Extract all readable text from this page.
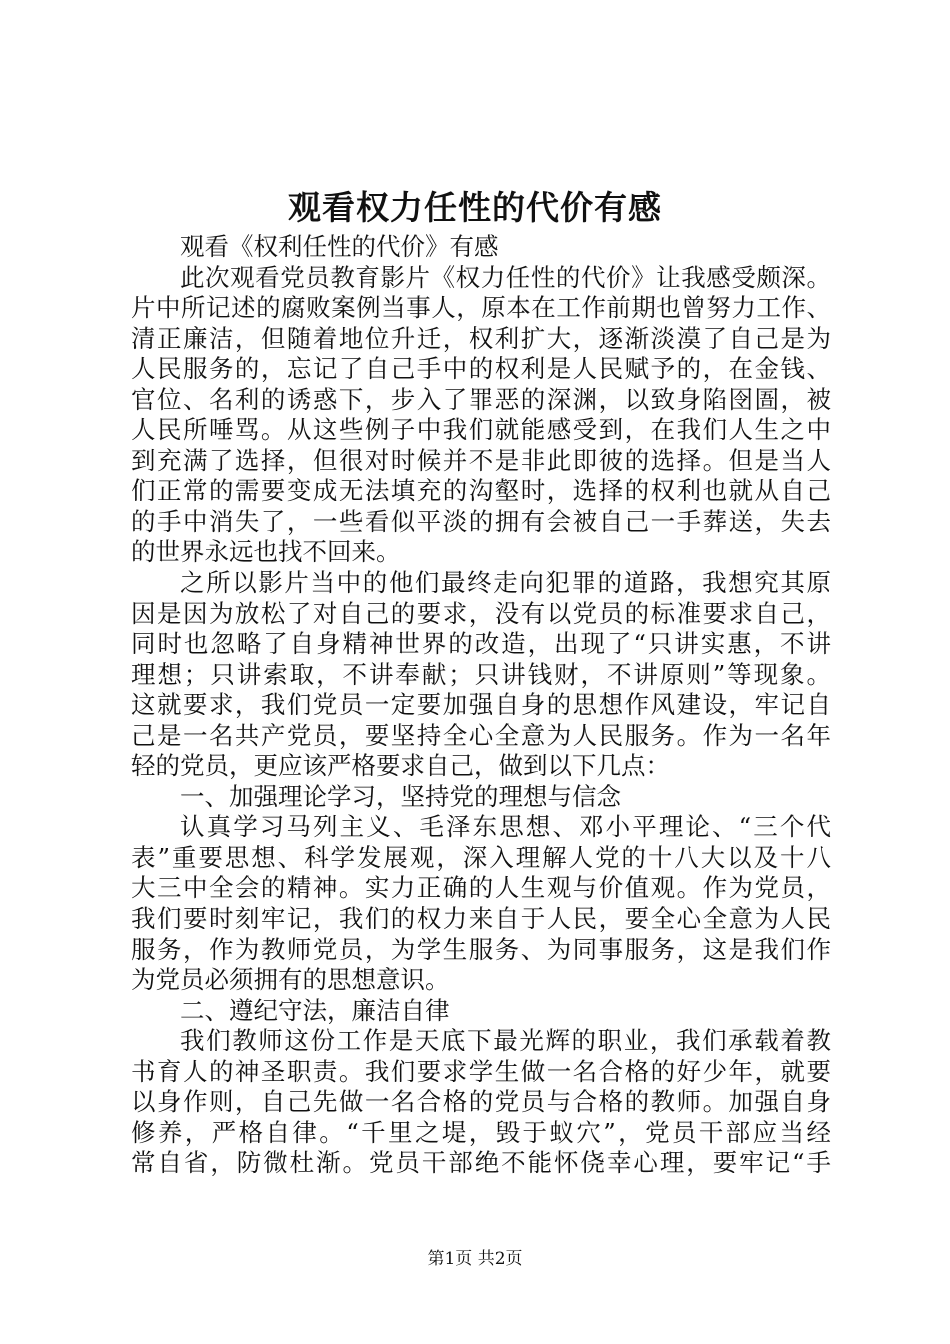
观看权力任性的代价有感
观看《权利任性的代价》有感
此次观看党员教育影片《权力任性的代价》让我感受颇深。
片中所记述的腐败案例当事人，原本在工作前期也曾努力工作、
清正廉洁，但随着地位升迁，权利扩大，逐渐淡漠了自己是为
人民服务的，忘记了自己手中的权利是人民赋予的，在金钱、
官位、名利的诱惑下，步入了罪恶的深渊，以致身陷囹圄，被
人民所唾骂。从这些例子中我们就能感受到，在我们人生之中
到充满了选择，但很对时候并不是非此即彼的选择。但是当人
们正常的需要变成无法填充的沟壑时，选择的权利也就从自己
的手中消失了，一些看似平淡的拥有会被自己一手葬送，失去
的世界永远也找不回来。
之所以影片当中的他们最终走向犯罪的道路，我想究其原
因是因为放松了对自己的要求，没有以党员的标准要求自己，
同时也忽略了自身精神世界的改造，出现了“只讲实惠，不讲
理想；只讲索取，不讲奉献；只讲钱财，不讲原则”等现象。
这就要求，我们党员一定要加强自身的思想作风建设，牢记自
己是一名共产党员，要坚持全心全意为人民服务。作为一名年
轻的党员，更应该严格要求自己，做到以下几点：
一、加强理论学习，坚持党的理想与信念
认真学习马列主义、毛泽东思想、邓小平理论、“三个代
表”重要思想、科学发展观，深入理解人党的十八大以及十八
大三中全会的精神。实力正确的人生观与价值观。作为党员，
我们要时刻牢记，我们的权力来自于人民，要全心全意为人民
服务，作为教师党员，为学生服务、为同事服务，这是我们作
为党员必须拥有的思想意识。
二、遵纪守法，廉洁自律
我们教师这份工作是天底下最光辉的职业，我们承载着教
书育人的神圣职责。我们要求学生做一名合格的好少年，就要
以身作则，自己先做一名合格的党员与合格的教师。加强自身
修养，严格自律。“千里之堤，毁于蚁穴”，党员干部应当经
常自省，防微杜渐。党员干部绝不能怀侥幸心理，要牢记“手
第1页 共2页
